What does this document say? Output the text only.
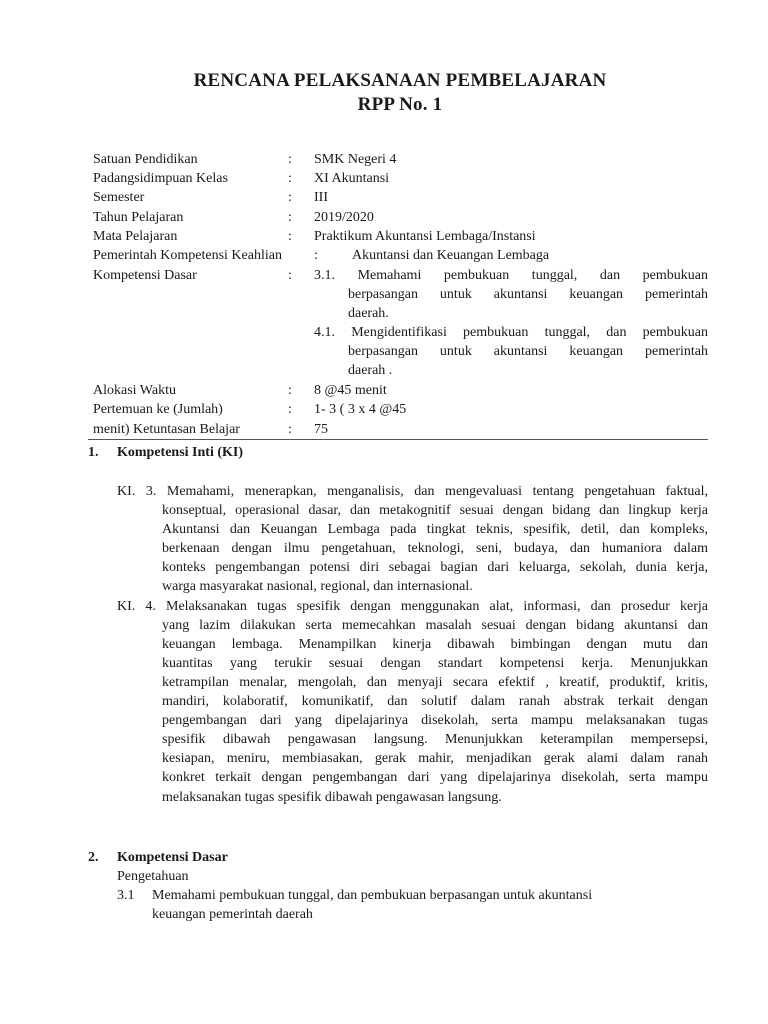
RENCANA PELAKSANAAN PEMBELAJARAN
RPP No. 1
Satuan Pendidikan	: SMK Negeri 4
Padangsidimpuan Kelas	: XI Akuntansi
Semester	: III
Tahun Pelajaran	: 2019/2020
Mata Pelajaran	: Praktikum Akuntansi Lembaga/Instansi
Pemerintah Kompetensi Keahlian : Akuntansi dan Keuangan Lembaga
Kompetensi Dasar	: 3.1. Memahami pembukuan tunggal, dan pembukuan
berpasangan untuk akuntansi keuangan pemerintah
daerah.
4.1. Mengidentifikasi pembukuan tunggal, dan pembukuan
berpasangan untuk akuntansi keuangan pemerintah
daerah .
Alokasi Waktu	: 8 @45 menit
Pertemuan ke (Jumlah)	: 1- 3 ( 3 x 4 @45
menit) Ketuntasan Belajar	: 75
1. Kompetensi Inti (KI)
KI. 3. Memahami, menerapkan, menganalisis, dan mengevaluasi tentang pengetahuan faktual,
konseptual, operasional dasar, dan metakognitif sesuai dengan bidang dan lingkup kerja
Akuntansi dan Keuangan Lembaga pada tingkat teknis, spesifik, detil, dan kompleks,
berkenaan dengan ilmu pengetahuan, teknologi, seni, budaya, dan humaniora dalam
konteks pengembangan potensi diri sebagai bagian dari keluarga, sekolah, dunia kerja,
warga masyarakat nasional, regional, dan internasional.
KI. 4. Melaksanakan tugas spesifik dengan menggunakan alat, informasi, dan prosedur kerja
yang lazim dilakukan serta memecahkan masalah sesuai dengan bidang akuntansi dan
keuangan lembaga. Menampilkan kinerja dibawah bimbingan dengan mutu dan
kuantitas yang terukir sesuai dengan standart kompetensi kerja. Menunjukkan
ketrampilan menalar, mengolah, dan menyaji secara efektif , kreatif, produktif, kritis,
mandiri, kolaboratif, komunikatif, dan solutif dalam ranah abstrak terkait dengan
pengembangan dari yang dipelajarinya disekolah, serta mampu melaksanakan tugas
spesifik dibawah pengawasan langsung. Menunjukkan keterampilan mempersepsi,
kesiapan, meniru, membiasakan, gerak mahir, menjadikan gerak alami dalam ranah
konkret terkait dengan pengembangan dari yang dipelajarinya disekolah, serta mampu
melaksanakan tugas spesifik dibawah pengawasan langsung.
2. Kompetensi Dasar
Pengetahuan
3.1 Memahami pembukuan tunggal, dan pembukuan berpasangan untuk akuntansi
keuangan pemerintah daerah
